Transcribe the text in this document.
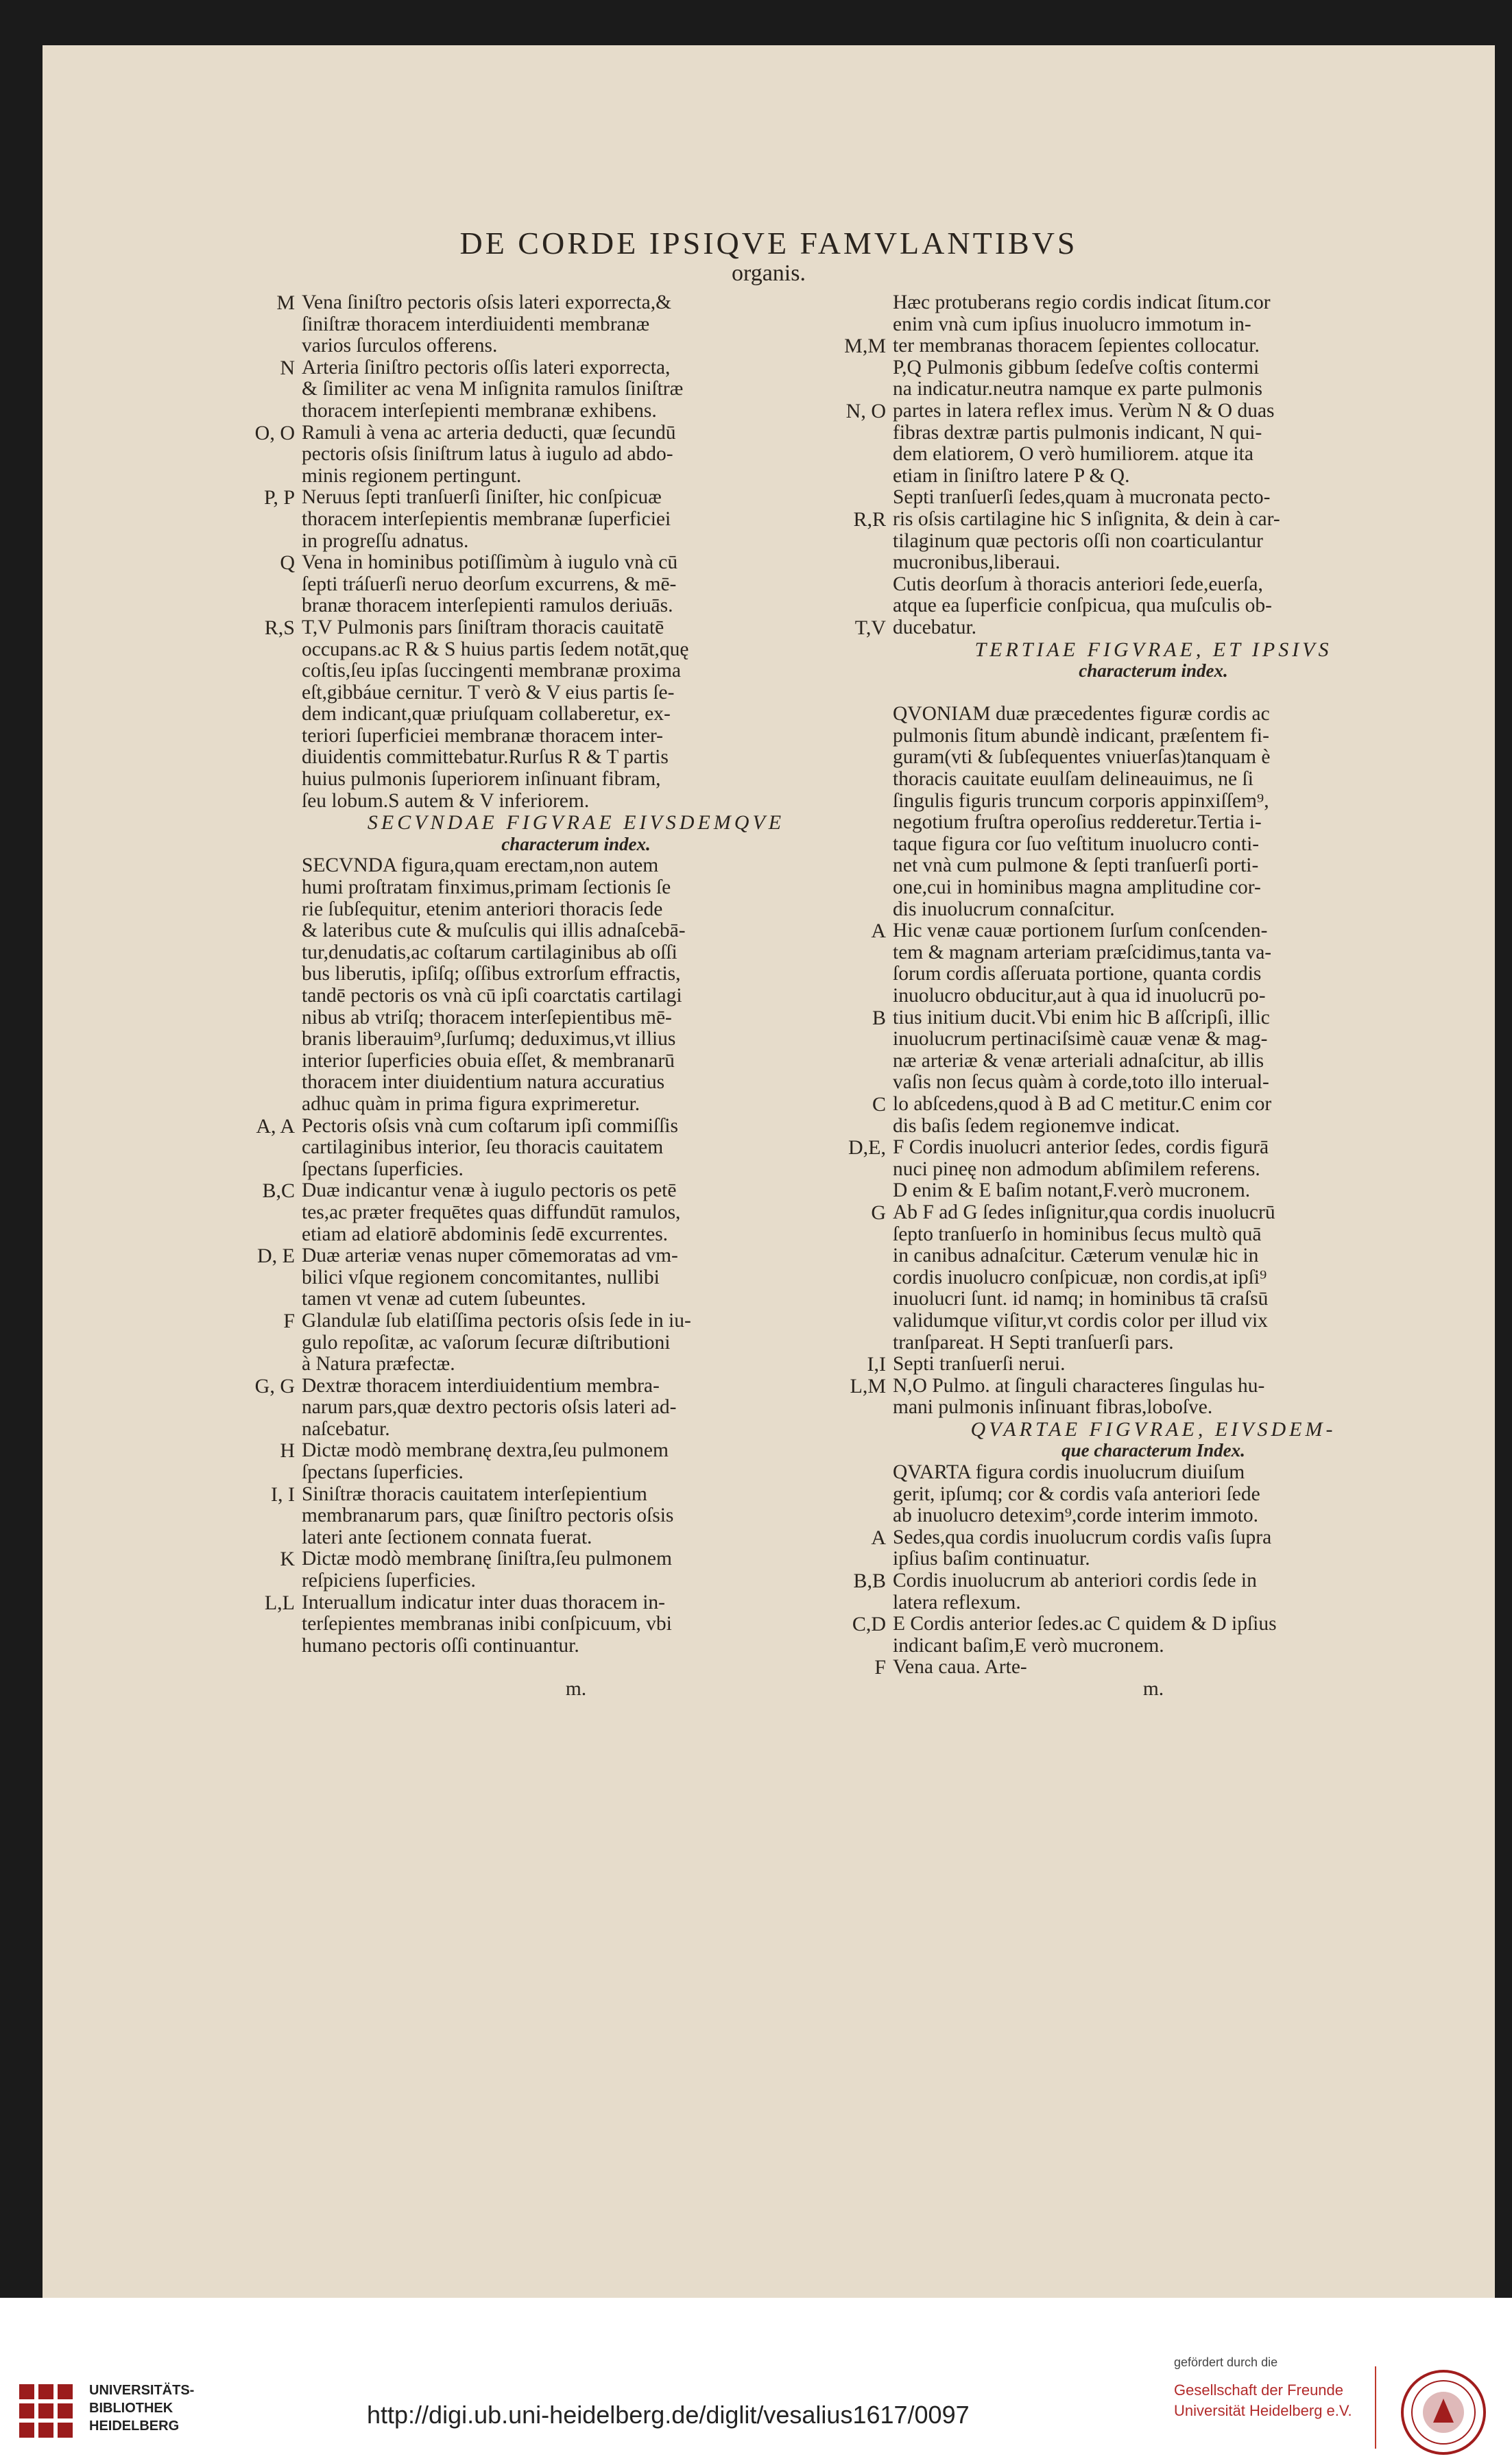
DE CORDE IPSIQVE FAMVLANTIBVS
organis.
M Vena ſiniſtro pectoris oſsis lateri exporrecta,&
ſiniſtræ thoracem interdiuidenti membranæ
varios ſurculos offerens.
N Arteria ſiniſtro pectoris oſſis lateri exporrecta,
& ſimiliter ac vena M inſignita ramulos ſiniſtræ
thoracem interſepienti membranæ exhibens.
O, O Ramuli à vena ac arteria deducti, quæ ſecundū
pectoris oſsis ſiniſtrum latus à iugulo ad abdo-
minis regionem pertingunt.
P, P Neruus ſepti tranſuerſi ſiniſter, hic conſpicuæ
thoracem interſepientis membranæ ſuperficiei
in progreſſu adnatus.
Q Vena in hominibus potiſſimùm à iugulo vnà cū
ſepti tráſuerſi neruo deorſum excurrens, & mē-
branæ thoracem interſepienti ramulos deriuās.
R,S T,V Pulmonis pars ſiniſtram thoracis cauitatē
occupans.ac R & S huius partis ſedem notāt,quę
coſtis,ſeu ipſas ſuccingenti membranæ proxima
eſt,gibbáue cernitur. T verò & V eius partis ſe-
dem indicant,quæ priuſquam collaberetur, ex-
teriori ſuperficiei membranæ thoracem inter-
diuidentis committebatur.Rurſus R & T partis
huius pulmonis ſuperiorem inſinuant fibram,
ſeu lobum.S autem & V inferiorem.
SECVNDAE FIGVRAE EIVSDEMQVE
characterum index.
SECVNDA figura,quam erectam,non autem
humi proſtratam finximus,primam ſectionis ſe
rie ſubſequitur, etenim anteriori thoracis ſede
& lateribus cute & muſculis qui illis adnaſcebā-
tur,denudatis,ac coſtarum cartilaginibus ab oſſi
bus liberutis, ipſiſq; oſſibus extrorſum effractis,
tandē pectoris os vnà cū ipſi coarctatis cartilagi
nibus ab vtriſq; thoracem interſepientibus mē-
branis liberauim⁹,ſurſumq; deduximus,vt illius
interior ſuperficies obuia eſſet, & membranarū
thoracem inter diuidentium natura accuratius
adhuc quàm in prima figura exprimeretur.
A, A Pectoris oſsis vnà cum coſtarum ipſi commiſſis
cartilaginibus interior, ſeu thoracis cauitatem
ſpectans ſuperficies.
B,C Duæ indicantur venæ à iugulo pectoris os petē
tes,ac præter frequētes quas diffundūt ramulos,
etiam ad elatiorē abdominis ſedē excurrentes.
D, E Duæ arteriæ venas nuper cōmemoratas ad vm-
bilici vſque regionem concomitantes, nullibi
tamen vt venæ ad cutem ſubeuntes.
F Glandulæ ſub elatiſſima pectoris oſsis ſede in iu-
gulo repoſitæ, ac vaſorum ſecuræ diſtributioni
à Natura præfectæ.
G, G Dextræ thoracem interdiuidentium membra-
narum pars,quæ dextro pectoris oſsis lateri ad-
naſcebatur.
H Dictæ modò membranę dextra,ſeu pulmonem
ſpectans ſuperficies.
I, I Siniſtræ thoracis cauitatem interſepientium
membranarum pars, quæ ſiniſtro pectoris oſsis
lateri ante ſectionem connata fuerat.
K Dictæ modò membranę ſiniſtra,ſeu pulmonem
reſpiciens ſuperficies.
L,L Interuallum indicatur inter duas thoracem in-
terſepientes membranas inibi conſpicuum, vbi
humano pectoris oſſi continuantur.
m.
Hæc protuberans regio cordis indicat ſitum.cor
enim vnà cum ipſius inuolucro immotum in-
M,M ter membranas thoracem ſepientes collocatur.
P,Q Pulmonis gibbum ſedeſve coſtis contermi
na indicatur.neutra namque ex parte pulmonis
N, O partes in latera reflex imus. Verùm N & O duas
fibras dextræ partis pulmonis indicant, N qui-
dem elatiorem, O verò humiliorem. atque ita
etiam in ſiniſtro latere P & Q.
Septi tranſuerſi ſedes,quam à mucronata pecto-
R,R ris oſsis cartilagine hic S inſignita, & dein à car-
tilaginum quæ pectoris oſſi non coarticulantur
mucronibus,liberaui.
Cutis deorſum à thoracis anteriori ſede,euerſa,
atque ea ſuperficie conſpicua, qua muſculis ob-
T,V ducebatur.
TERTIAE FIGVRAE, ET IPSIVS
characterum index.
QVONIAM duæ præcedentes figuræ cordis ac
pulmonis ſitum abundè indicant, præſentem fi-
guram(vti & ſubſequentes vniuerſas)tanquam è
thoracis cauitate euulſam delineauimus, ne ſi
ſingulis figuris truncum corporis appinxiſſem⁹,
negotium fruſtra operoſius redderetur.Tertia i-
taque figura cor ſuo veſtitum inuolucro conti-
net vnà cum pulmone & ſepti tranſuerſi porti-
one,cui in hominibus magna amplitudine cor-
dis inuolucrum connaſcitur.
A Hic venæ cauæ portionem ſurſum conſcenden-
tem & magnam arteriam præſcidimus,tanta va-
ſorum cordis aſſeruata portione, quanta cordis
inuolucro obducitur,aut à qua id inuolucrū po-
B tius initium ducit.Vbi enim hic B aſſcripſi, illic
inuolucrum pertinaciſsimè cauæ venæ & mag-
næ arteriæ & venæ arteriali adnaſcitur, ab illis
vaſis non ſecus quàm à corde,toto illo interual-
C lo abſcedens,quod à B ad C metitur.C enim cor
dis baſis ſedem regionemve indicat.
D,E, F Cordis inuolucri anterior ſedes, cordis figurā
nuci pineę non admodum abſimilem referens.
D enim & E baſim notant,F.verò mucronem.
G Ab F ad G ſedes inſignitur,qua cordis inuolucrū
ſepto tranſuerſo in hominibus ſecus multò quā
in canibus adnaſcitur. Cæterum venulæ hic in
cordis inuolucro conſpicuæ, non cordis,at ipſi⁹
inuolucri ſunt. id namq; in hominibus tā craſsū
validumque viſitur,vt cordis color per illud vix
tranſpareat. H Septi tranſuerſi pars.
I,I Septi tranſuerſi nerui.
L,M N,O Pulmo. at ſinguli characteres ſingulas hu-
mani pulmonis inſinuant fibras,loboſve.
QVARTAE FIGVRAE, EIVSDEM-
que characterum Index.
QVARTA figura cordis inuolucrum diuiſum
gerit, ipſumq; cor & cordis vaſa anteriori ſede
ab inuolucro detexim⁹,corde interim immoto.
A Sedes,qua cordis inuolucrum cordis vaſis ſupra
ipſius baſim continuatur.
B,B Cordis inuolucrum ab anteriori cordis ſede in
latera reflexum.
C,D E Cordis anterior ſedes.ac C quidem & D ipſius
indicant baſim,E verò mucronem.
F Vena caua. Arte-
m.
UNIVERSITÄTS-
BIBLIOTHEK
HEIDELBERG	http://digi.ub.uni-heidelberg.de/diglit/vesalius1617/0097
gefördert durch die
Gesellschaft der Freunde
Universität Heidelberg e.V.
